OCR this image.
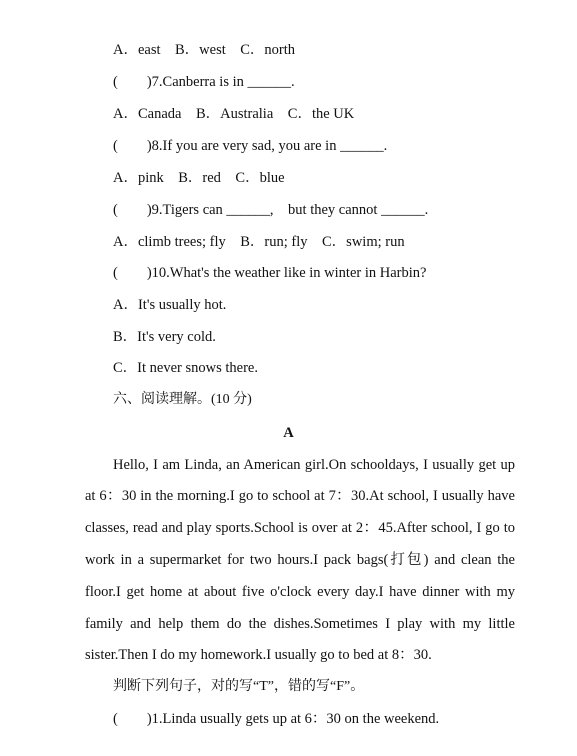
A．east　B．west　C．north
(　　)7.Canberra is in ______.
A．Canada　B．Australia　C．the UK
(　　)8.If you are very sad, you are in ______.
A．pink　B．red　C．blue
(　　)9.Tigers can ______,　but they cannot ______.
A．climb trees; fly　B．run; fly　C．swim; run
(　　)10.What's the weather like in winter in Harbin?
A．It's usually hot.
B．It's very cold.
C．It never snows there.
六、阅读理解。(10 分)
A
Hello, I am Linda, an American girl.On schooldays, I usually get up
at 6：30 in the morning.I go to school at 7：30.At school, I usually have
classes, read and play sports.School is over at 2：45.After school, I go to
work in a supermarket for two hours.I pack bags(打包) and clean the
floor.I get home at about five o'clock every day.I have dinner with my
family and help them do the dishes.Sometimes I play with my little
sister.Then I do my homework.I usually go to bed at 8：30.
判断下列句子，对的写“T”，错的写“F”。
(　　)1.Linda usually gets up at 6：30 on the weekend.
